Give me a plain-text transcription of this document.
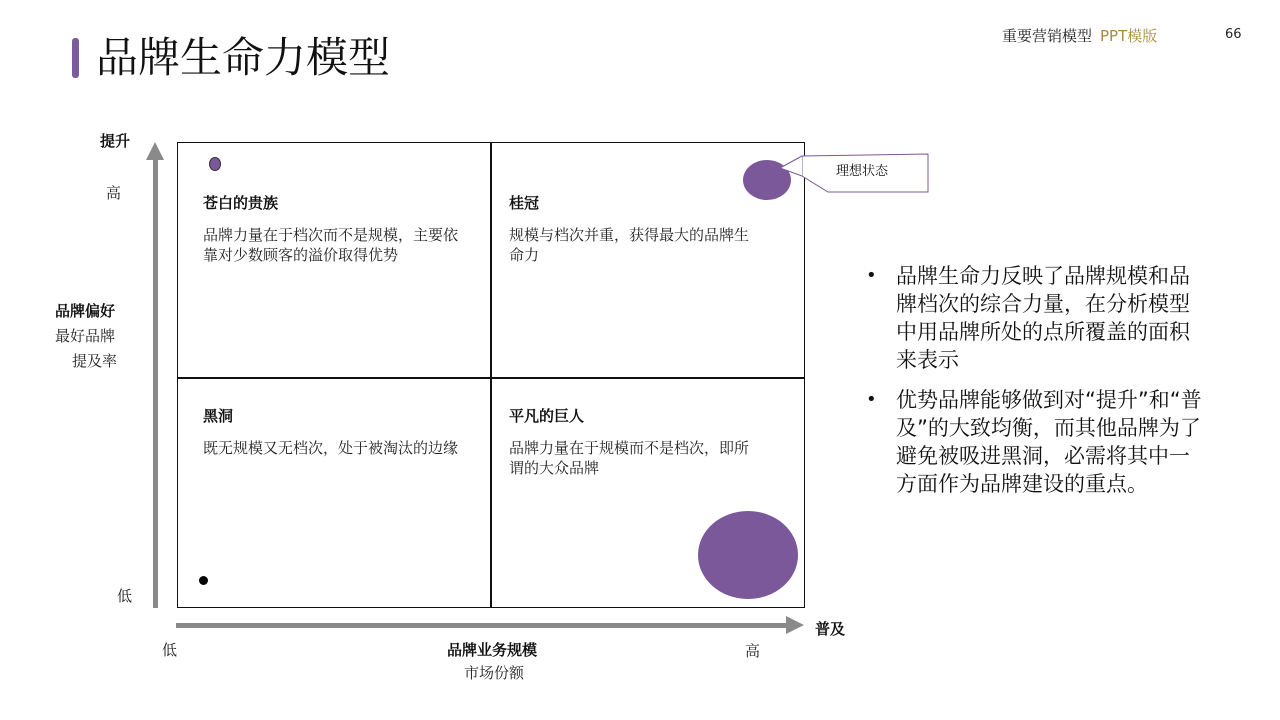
品牌生命力模型	重要营销模型 PPT模版	66
提升
高
品牌偏好
最好品牌
提及率
低
普及
低	品牌业务规模
市场份额
高
苍白的贵族
品牌力量在于档次而不是规模，主要依靠对少数顾客的溢价取得优势
桂冠
规模与档次并重，获得最大的品牌生命力
黑洞
既无规模又无档次，处于被淘汰的边缘
平凡的巨人
品牌力量在于规模而不是档次，即所谓的大众品牌
理想状态
• 品牌生命力反映了品牌规模和品牌档次的综合力量，在分析模型中用品牌所处的点所覆盖的面积来表示
• 优势品牌能够做到对“提升”和“普及”的大致均衡，而其他品牌为了避免被吸进黑洞，必需将其中一方面作为品牌建设的重点。
